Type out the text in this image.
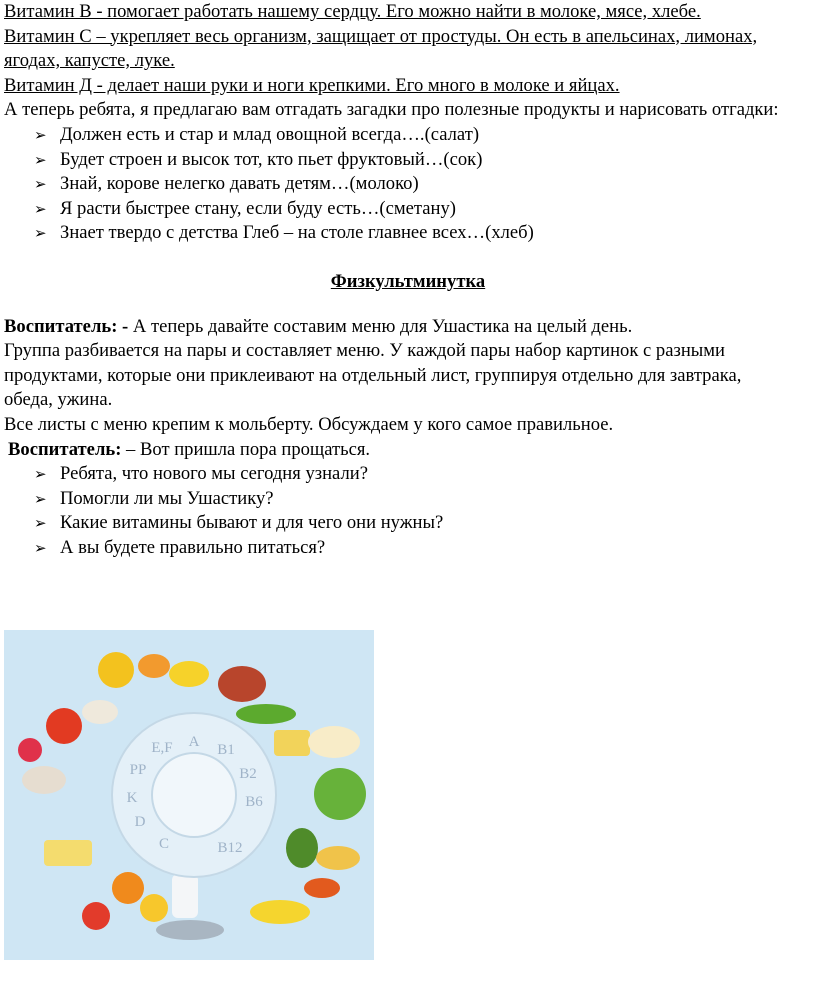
Витамин В - помогает работать нашему сердцу. Его можно найти в молоке, мясе, хлебе.
Витамин С – укрепляет весь организм, защищает от простуды. Он есть в апельсинах, лимонах,
ягодах, капусте, луке.
Витамин Д - делает наши руки и ноги крепкими. Его много в молоке и яйцах.
А теперь ребята, я предлагаю вам отгадать загадки про полезные продукты и нарисовать отгадки:
➢ Должен есть и стар и млад овощной всегда….(салат)
➢ Будет строен и высок тот, кто пьет фруктовый…(сок)
➢ Знай, корове нелегко давать детям…(молоко)
➢ Я расти быстрее стану, если буду есть…(сметану)
➢ Знает твердо с детства Глеб – на столе главнее всех…(хлеб)
Физкультминутка
Воспитатель: - А теперь давайте составим меню для Ушастика на целый день.
Группа разбивается на пары и составляет меню. У каждой пары набор картинок с разными
продуктами, которые они приклеивают на отдельный лист, группируя отдельно для завтрака,
обеда, ужина.
Все листы с меню крепим к мольберту. Обсуждаем у кого самое правильное.
Воспитатель: – Вот пришла пора прощаться.
➢ Ребята, что нового мы сегодня узнали?
➢ Помогли ли мы Ушастику?
➢ Какие витамины бывают и для чего они нужны?
➢ А вы будете правильно питаться?
A B1
B2
B6
B12
C
D
K
PP
E,F
